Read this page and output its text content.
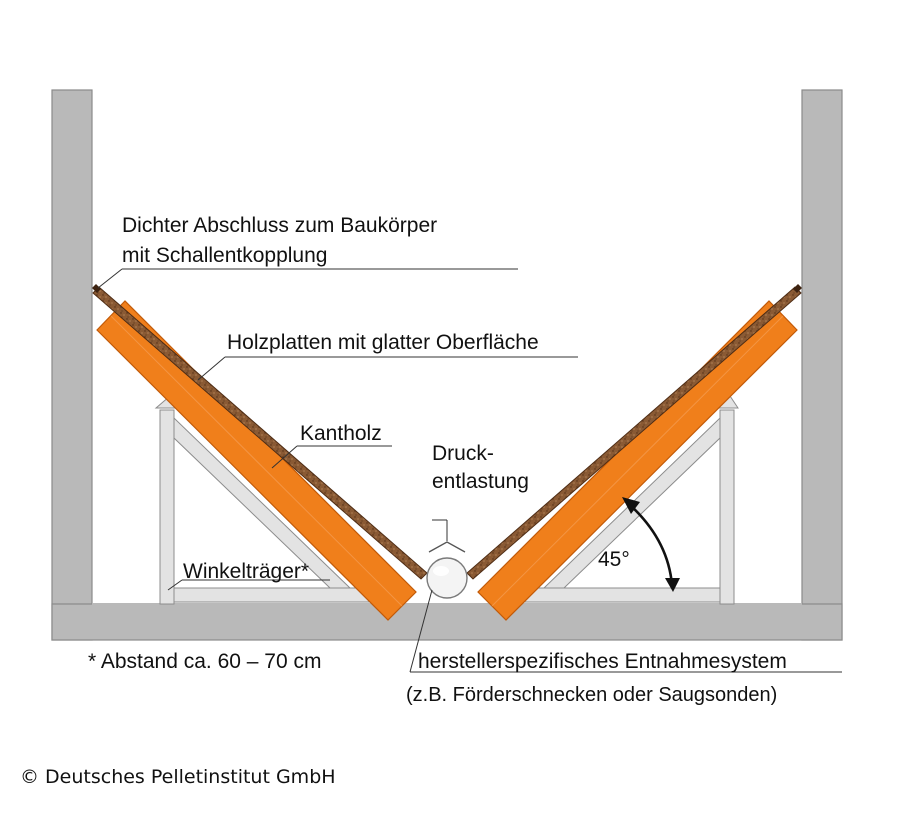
Dichter Abschluss zum Baukörper
mit Schallentkopplung
Holzplatten mit glatter Oberfläche
Kantholz
Druck-
entlastung
Winkelträger*
45°
* Abstand ca. 60 – 70 cm	herstellerspezifisches Entnahmesystem
(z.B. Förderschnecken oder Saugsonden)
© Deutsches Pelletinstitut GmbH
